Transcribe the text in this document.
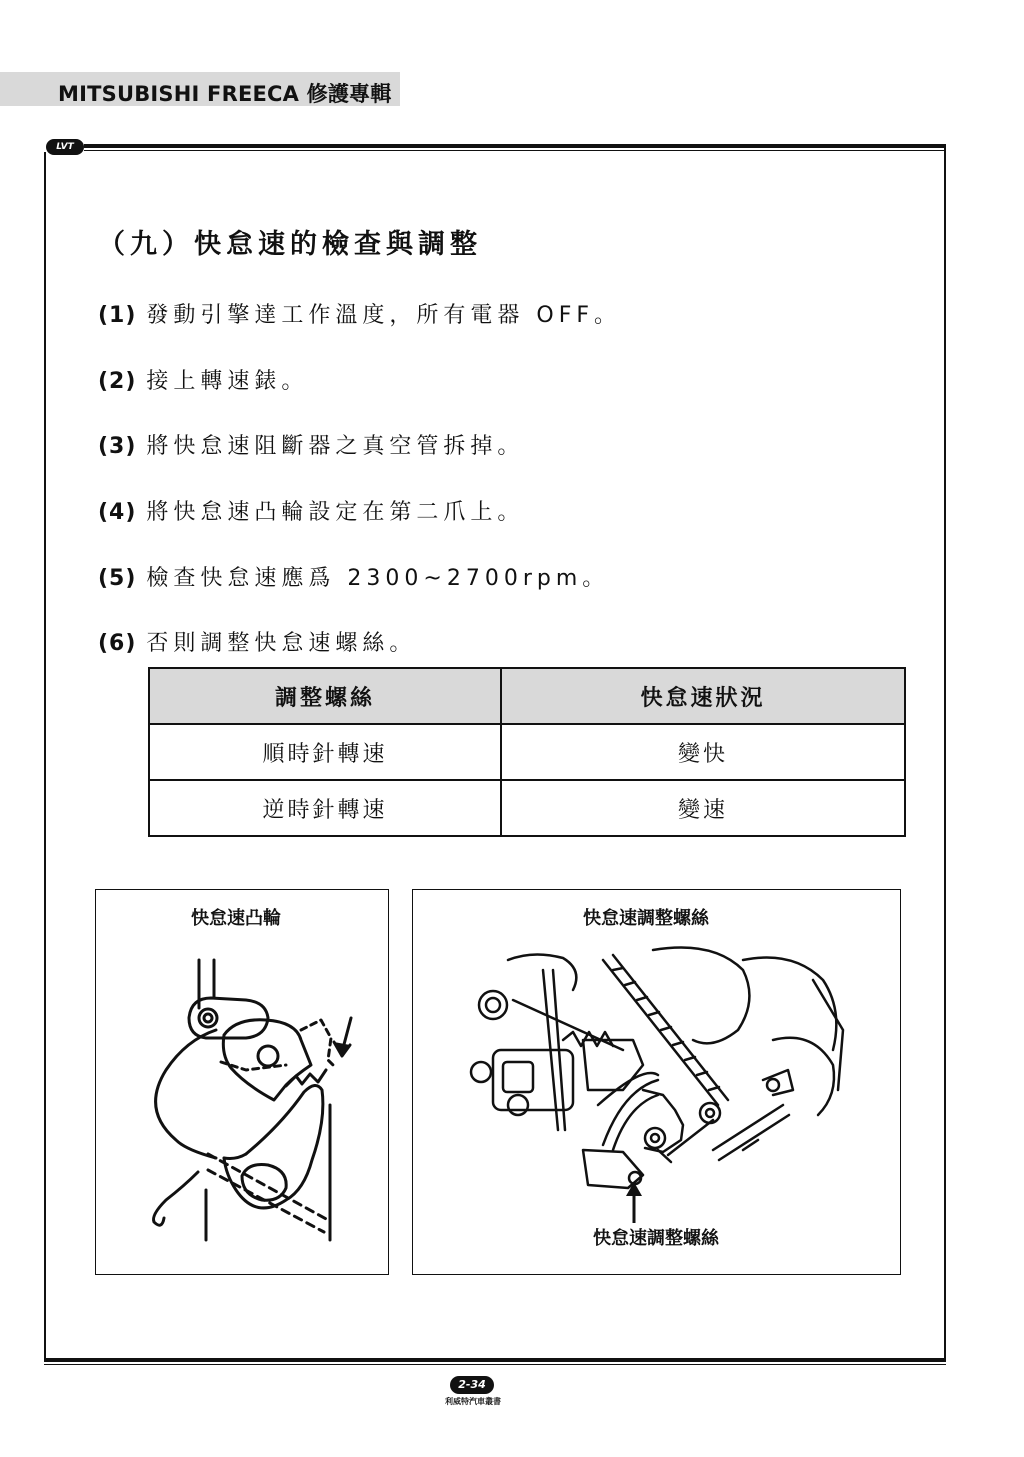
MITSUBISHI FREECA 修護專輯
LVT
（九）快怠速的檢查與調整
(1) 發動引擎達工作溫度，所有電器 OFF。
(2) 接上轉速錶。
(3) 將快怠速阻斷器之真空管拆掉。
(4) 將快怠速凸輪設定在第二爪上。
(5) 檢查快怠速應爲 2300~2700rpm。
(6) 否則調整快怠速螺絲。
調整螺絲	快怠速狀況
順時針轉速	變快
逆時針轉速	變速
快怠速凸輪	快怠速調整螺絲
快怠速調整螺絲
2-34
利威特汽車叢書
